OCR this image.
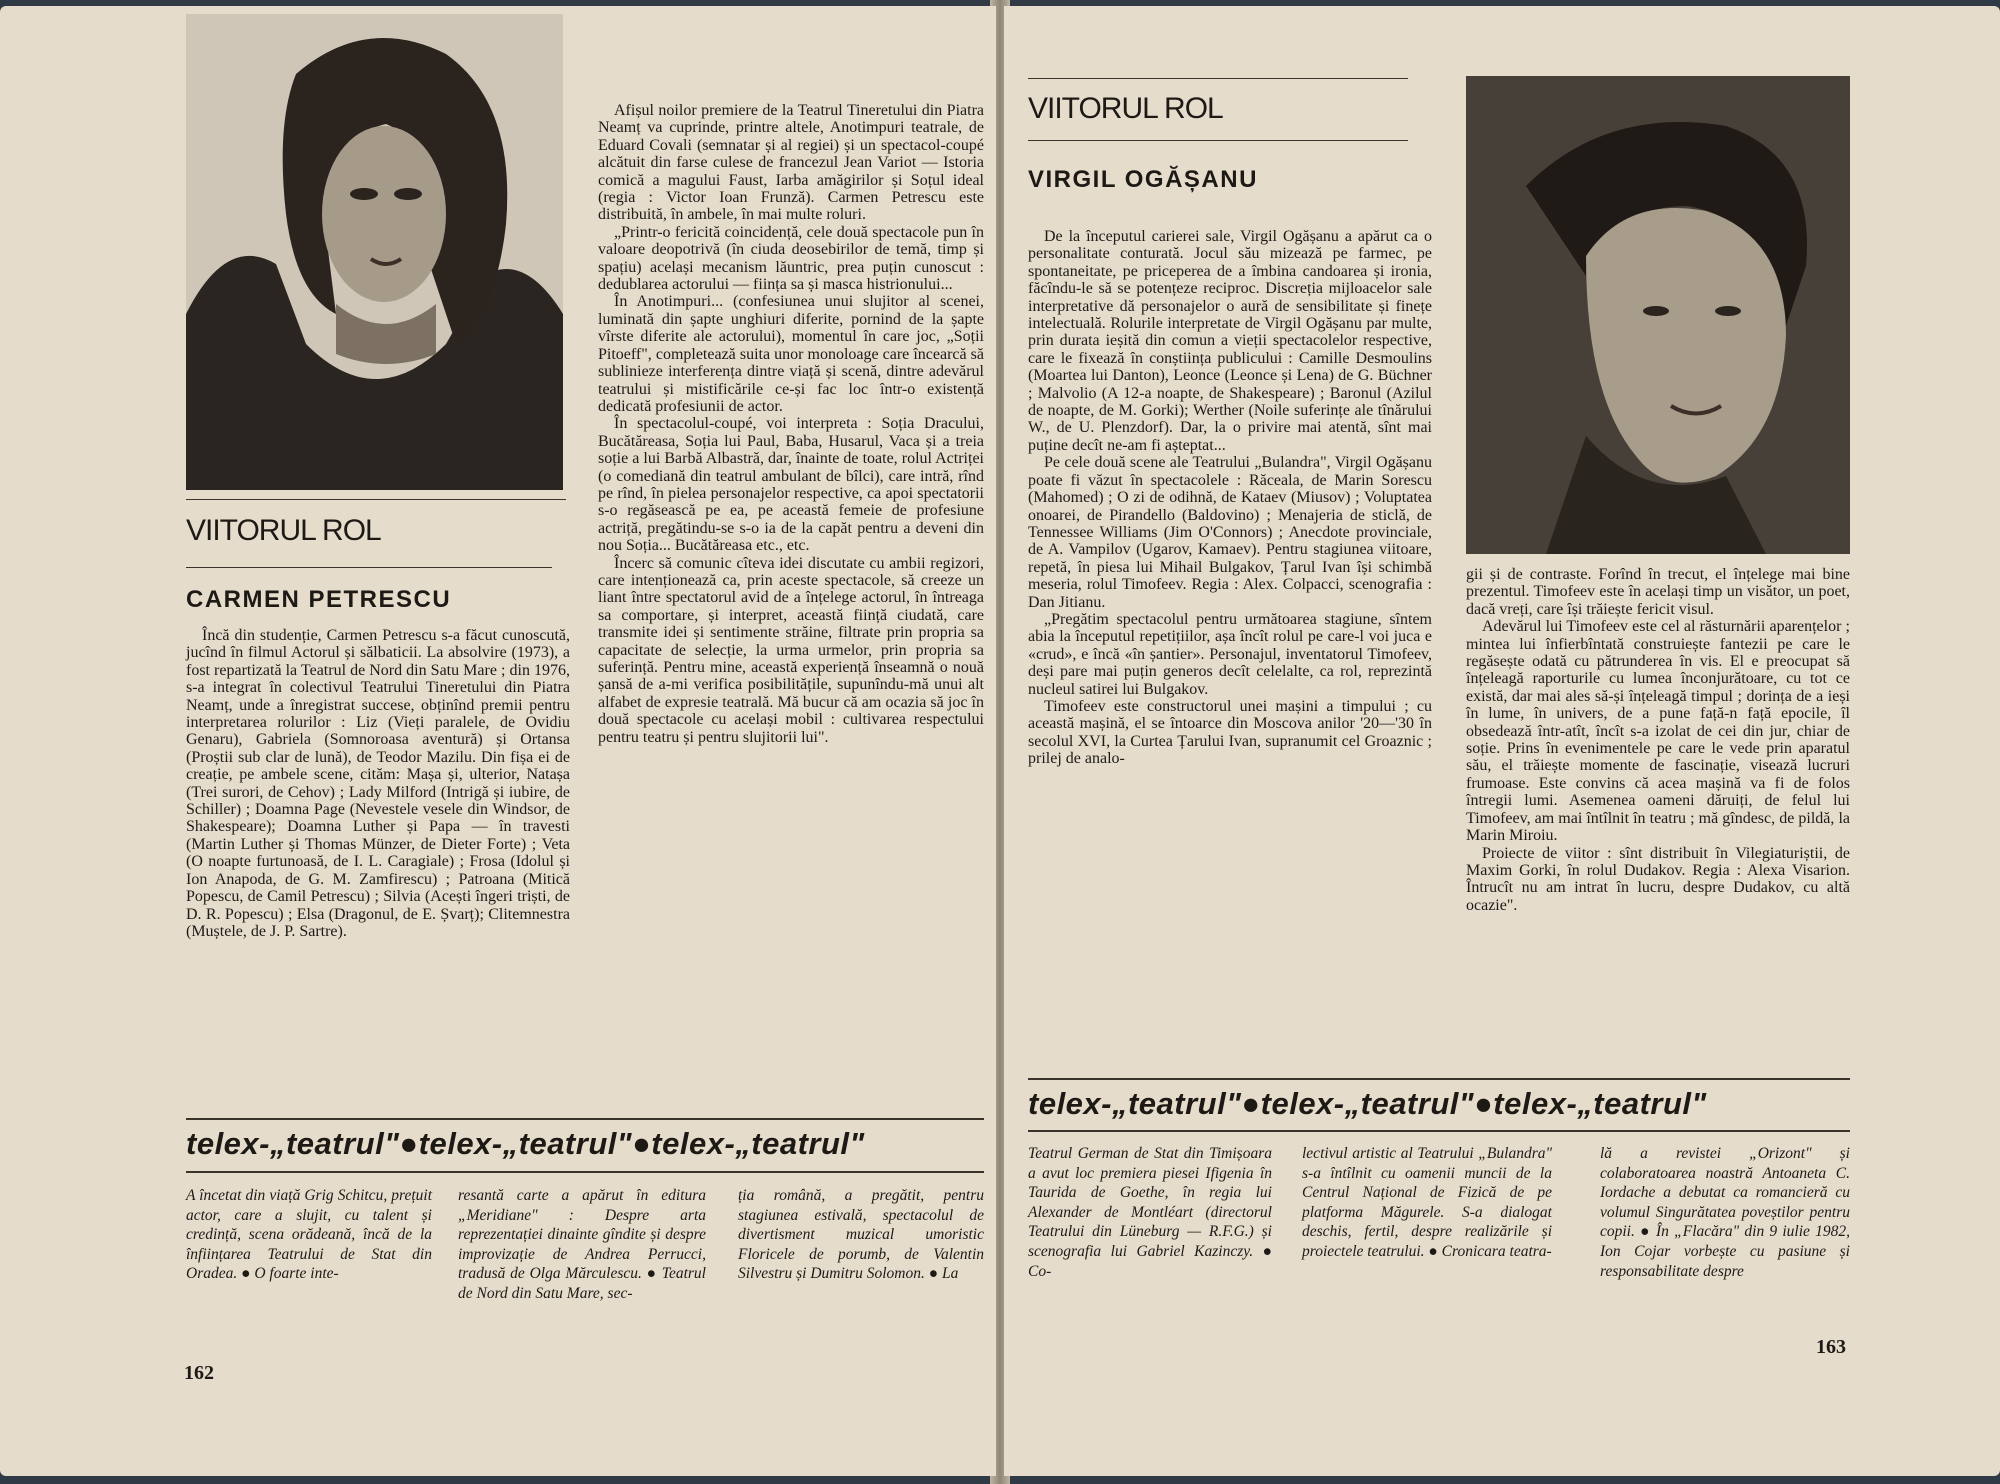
VIITORUL ROL
CARMEN PETRESCU

Încă din studenție, Carmen Petrescu s-a făcut cunoscută, jucînd în filmul Actorul și sălbaticii. La absolvire (1973), a fost repartizată la Teatrul de Nord din Satu Mare ; din 1976, s-a integrat în colectivul Teatrului Tineretului din Piatra Neamț, unde a înregistrat succese, obținînd premii pentru interpretarea rolurilor : Liz (Vieți paralele, de Ovidiu Genaru), Gabriela (Somnoroasa aventură) și Ortansa (Proștii sub clar de lună), de Teodor Mazilu. Din fișa ei de creație, pe ambele scene, cităm: Mașa și, ulterior, Natașa (Trei surori, de Cehov) ; Lady Milford (Intrigă și iubire, de Schiller) ; Doamna Page (Nevestele vesele din Windsor, de Shakespeare); Doamna Luther și Papa — în travesti (Martin Luther și Thomas Münzer, de Dieter Forte) ; Veta (O noapte furtunoasă, de I. L. Caragiale) ; Frosa (Idolul și Ion Anapoda, de G. M. Zamfirescu) ; Patroana (Mitică Popescu, de Camil Petrescu) ; Silvia (Acești îngeri triști, de D. R. Popescu) ; Elsa (Dragonul, de E. Șvarț); Clitemnestra (Muștele, de J. P. Sartre).

Afișul noilor premiere de la Teatrul Tineretului din Piatra Neamț va cuprinde, printre altele, Anotimpuri teatrale, de Eduard Covali (semnatar și al regiei) și un spectacol-coupé alcătuit din farse culese de francezul Jean Variot — Istoria comică a magului Faust, Iarba amăgirilor și Soțul ideal (regia : Victor Ioan Frunză). Carmen Petrescu este distribuită, în ambele, în mai multe roluri.

„Printr-o fericită coincidență, cele două spectacole pun în valoare deopotrivă (în ciuda deosebirilor de temă, timp și spațiu) același mecanism lăuntric, prea puțin cunoscut : dedublarea actorului — ființa sa și masca histrionului...

În Anotimpuri... (confesiunea unui slujitor al scenei, luminată din șapte unghiuri diferite, pornind de la șapte vîrste diferite ale actorului), momentul în care joc, „Soții Pitoeff", completează suita unor monoloage care încearcă să sublinieze interferența dintre viață și scenă, dintre adevărul teatrului și mistificările ce-și fac loc într-o existență dedicată profesiunii de actor.

În spectacolul-coupé, voi interpreta : Soția Dracului, Bucătăreasa, Soția lui Paul, Baba, Husarul, Vaca și a treia soție a lui Barbă Albastră, dar, înainte de toate, rolul Actriței (o comediană din teatrul ambulant de bîlci), care intră, rînd pe rînd, în pielea personajelor respective, ca apoi spectatorii s-o regăsească pe ea, pe această femeie de profesiune actriță, pregătindu-se s-o ia de la capăt pentru a deveni din nou Soția... Bucătăreasa etc., etc.

Încerc să comunic cîteva idei discutate cu ambii regizori, care intenționează ca, prin aceste spectacole, să creeze un liant între spectatorul avid de a înțelege actorul, în întreaga sa comportare, și interpret, această ființă ciudată, care transmite idei și sentimente străine, filtrate prin propria sa capacitate de selecție, la urma urmelor, prin propria sa suferință. Pentru mine, această experiență înseamnă o nouă șansă de a-mi verifica posibilitățile, supunîndu-mă unui alt alfabet de expresie teatrală. Mă bucur că am ocazia să joc în două spectacole cu același mobil : cultivarea respectului pentru teatru și pentru slujitorii lui".

telex-„teatrul"●telex-„teatrul"●telex-„teatrul"
A încetat din viață Grig Schitcu, prețuit actor, care a slujit, cu talent și credință, scena orădeană, încă de la înființarea Teatrului de Stat din Oradea. ● O foarte inte-
resantă carte a apărut în editura „Meridiane" : Despre arta reprezentației dinainte gîndite și despre improvizație de Andrea Perrucci, tradusă de Olga Mărculescu. ● Teatrul de Nord din Satu Mare, sec-
ția română, a pregătit, pentru stagiunea estivală, spectacolul de divertisment muzical umoristic Floricele de porumb, de Valentin Silvestru și Dumitru Solomon. ● La
162
VIITORUL ROL
VIRGIL OGĂȘANU

De la începutul carierei sale, Virgil Ogășanu a apărut ca o personalitate conturată. Jocul său mizează pe farmec, pe spontaneitate, pe priceperea de a îmbina candoarea și ironia, făcîndu-le să se potențeze reciproc. Discreția mijloacelor sale interpretative dă personajelor o aură de sensibilitate și finețe intelectuală. Rolurile interpretate de Virgil Ogășanu par multe, prin durata ieșită din comun a vieții spectacolelor respective, care le fixează în conștiința publicului : Camille Desmoulins (Moartea lui Danton), Leonce (Leonce și Lena) de G. Büchner ; Malvolio (A 12-a noapte, de Shakespeare) ; Baronul (Azilul de noapte, de M. Gorki); Werther (Noile suferințe ale tînărului W., de U. Plenzdorf). Dar, la o privire mai atentă, sînt mai puține decît ne-am fi așteptat...

Pe cele două scene ale Teatrului „Bulandra", Virgil Ogășanu poate fi văzut în spectacolele : Răceala, de Marin Sorescu (Mahomed) ; O zi de odihnă, de Kataev (Miusov) ; Voluptatea onoarei, de Pirandello (Baldovino) ; Menajeria de sticlă, de Tennessee Williams (Jim O'Connors) ; Anecdote provinciale, de A. Vampilov (Ugarov, Kamaev). Pentru stagiunea viitoare, repetă, în piesa lui Mihail Bulgakov, Țarul Ivan își schimbă meseria, rolul Timofeev. Regia : Alex. Colpacci, scenografia : Dan Jitianu.

„Pregătim spectacolul pentru următoarea stagiune, sîntem abia la începutul repetițiilor, așa încît rolul pe care-l voi juca e «crud», e încă «în șantier». Personajul, inventatorul Timofeev, deși pare mai puțin generos decît celelalte, ca rol, reprezintă nucleul satirei lui Bulgakov.

Timofeev este constructorul unei mașini a timpului ; cu această mașină, el se întoarce din Moscova anilor '20—'30 în secolul XVI, la Curtea Țarului Ivan, supranumit cel Groaznic ; prilej de analo-

gii și de contraste. Forînd în trecut, el înțelege mai bine prezentul. Timofeev este în același timp un visător, un poet, dacă vreți, care își trăiește fericit visul.

Adevărul lui Timofeev este cel al răsturnării aparențelor ; mintea lui înfierbîntată construiește fantezii pe care le regăsește odată cu pătrunderea în vis. El e preocupat să înțeleagă raporturile cu lumea înconjurătoare, cu tot ce există, dar mai ales să-și înțeleagă timpul ; dorința de a ieși în lume, în univers, de a pune față-n față epocile, îl obsedează într-atît, încît s-a izolat de cei din jur, chiar de soție. Prins în evenimentele pe care le vede prin aparatul său, el trăiește momente de fascinație, visează lucruri frumoase. Este convins că acea mașină va fi de folos întregii lumi. Asemenea oameni dăruiți, de felul lui Timofeev, am mai întîlnit în teatru ; mă gîndesc, de pildă, la Marin Miroiu.

Proiecte de viitor : sînt distribuit în Vilegiaturiștii, de Maxim Gorki, în rolul Dudakov. Regia : Alexa Visarion. Întrucît nu am intrat în lucru, despre Dudakov, cu altă ocazie".

telex-„teatrul"●telex-„teatrul"●telex-„teatrul"
Teatrul German de Stat din Timișoara a avut loc premiera piesei Ifigenia în Taurida de Goethe, în regia lui Alexander de Montléart (directorul Teatrului din Lüneburg — R.F.G.) și scenografia lui Gabriel Kazinczy. ● Co-
lectivul artistic al Teatrului „Bulandra" s-a întîlnit cu oamenii muncii de la Centrul Național de Fizică de pe platforma Măgurele. S-a dialogat deschis, fertil, despre realizările și proiectele teatrului. ● Cronicara teatra-
lă a revistei „Orizont" și colaboratoarea noastră Antoaneta C. Iordache a debutat ca romancieră cu volumul Singurătatea poveștilor pentru copii. ● În „Flacăra" din 9 iulie 1982, Ion Cojar vorbește cu pasiune și responsabilitate despre
163
